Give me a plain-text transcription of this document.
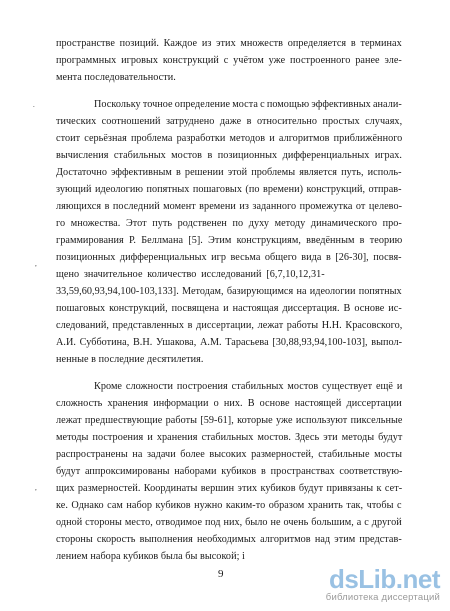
пространстве позиций. Каждое из этих множеств определяется в терминах
программных игровых конструкций с учётом уже построенного ранее эле-
мента последовательности.
Поскольку точное определение моста с помощью эффективных анали-
тических соотношений затруднено даже в относительно простых случаях,
стоит серьёзная проблема разработки методов и алгоритмов приближённого
вычисления стабильных мостов в позиционных дифференциальных играх.
Достаточно эффективным в решении этой проблемы является путь, исполь-
зующий идеологию попятных пошаговых (по времени) конструкций, отправ-
ляющихся в последний момент времени из заданного промежутка от целево-
го множества. Этот путь родственен по духу методу динамического про-
граммирования Р. Беллмана [5]. Этим конструкциям, введённым в теорию
позиционных дифференциальных игр весьма общего вида в [26-30], посвя-
щено значительное количество исследований [6,7,10,12,31-
33,59,60,93,94,100-103,133]. Методам, базирующимся на идеологии попятных
пошаговых конструкций, посвящена и настоящая диссертация. В основе ис-
следований, представленных в диссертации, лежат работы Н.Н. Красовского,
А.И. Субботина, В.Н. Ушакова, А.М. Тарасьева [30,88,93,94,100-103], выпол-
ненные в последние десятилетия.
Кроме сложности построения стабильных мостов существует ещё и
сложность хранения информации о них. В основе настоящей диссертации
лежат предшествующие работы [59-61], которые уже используют пиксельные
методы построения и хранения стабильных мостов. Здесь эти методы будут
распространены на задачи более высоких размерностей, стабильные мосты
будут аппроксимированы наборами кубиков в пространствах соответствую-
щих размерностей. Координаты вершин этих кубиков будут привязаны к сет-
ке. Однако сам набор кубиков нужно каким-то образом хранить так, чтобы с
одной стороны место, отводимое под них, было не очень большим, а с другой
стороны скорость выполнения необходимых алгоритмов над этим представ-
лением набора кубиков была бы высокой; і
9
.
,
,
dsLib.net
библиотека диссертаций
